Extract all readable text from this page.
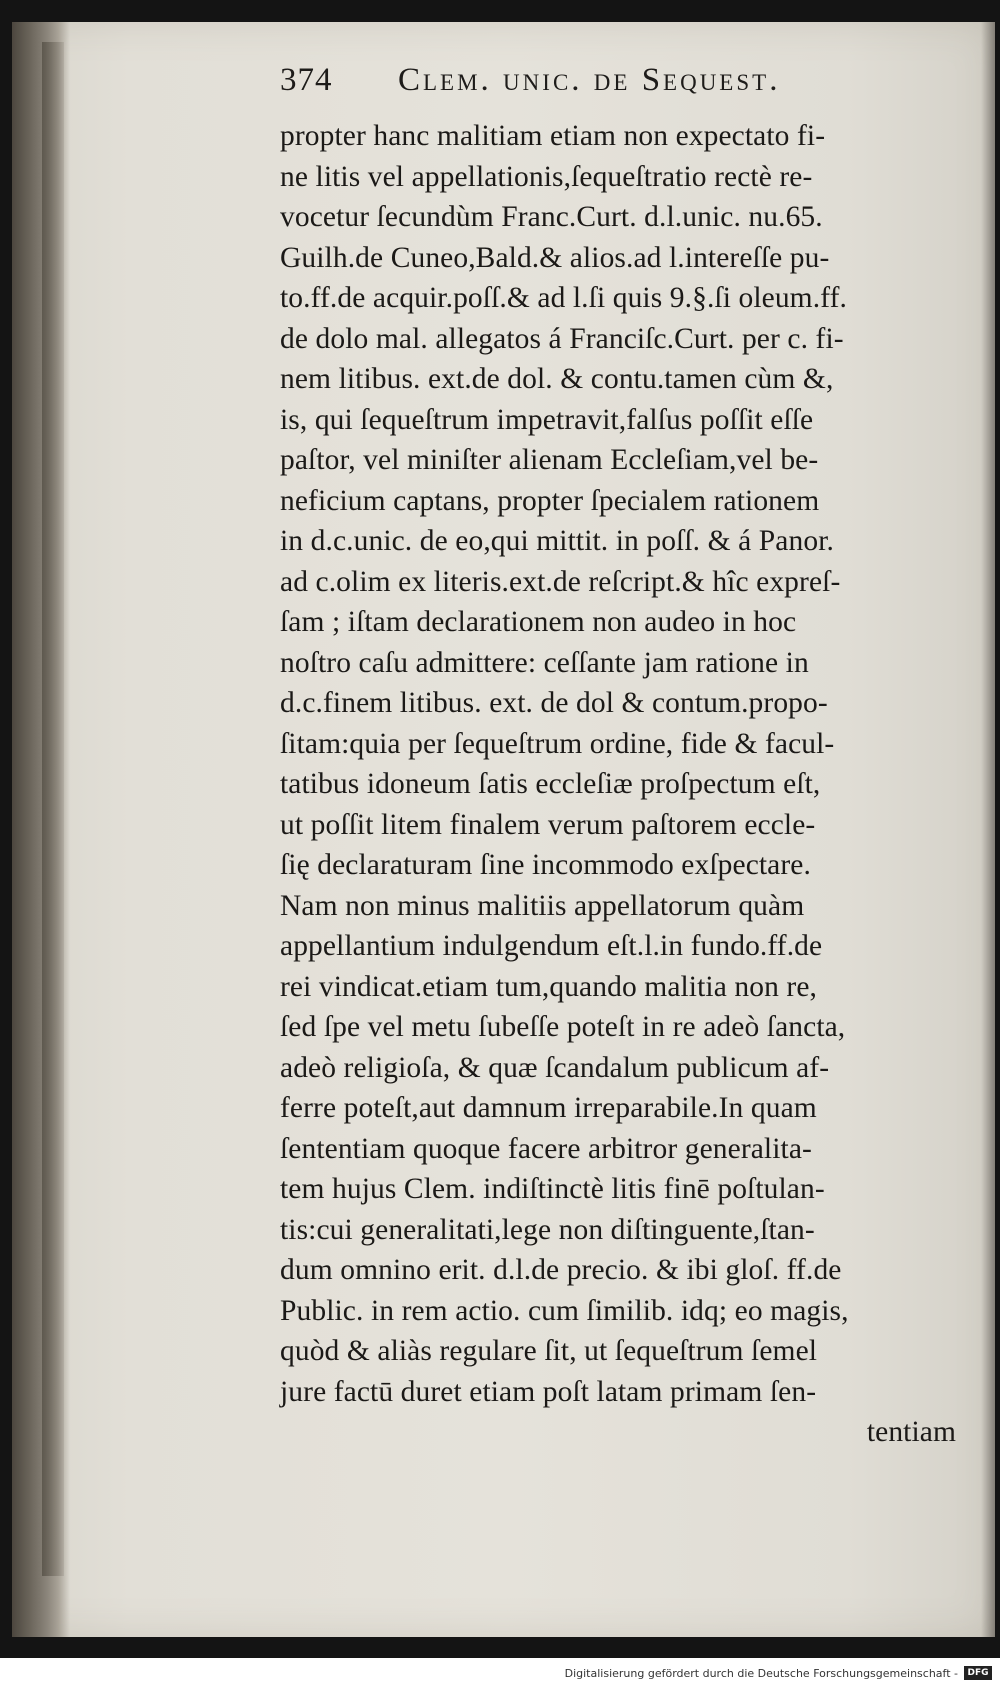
374 Clem. unic. de Sequest.
propter hanc malitiam etiam non expectato fi-
ne litis vel appellationis,ſequeſtratio rectè re-
vocetur ſecundùm Franc.Curt. d.l.unic. nu.65.
Guilh.de Cuneo,Bald.& alios.ad l.intereſſe pu-
to.ff.de acquir.poſſ.& ad l.ſi quis 9.§.ſi oleum.ff.
de dolo mal. allegatos á Franciſc.Curt. per c. fi-
nem litibus. ext.de dol. & contu.tamen cùm &,
is, qui ſequeſtrum impetravit,falſus poſſit eſſe
paſtor, vel miniſter alienam Eccleſiam,vel be-
neficium captans, propter ſpecialem rationem
in d.c.unic. de eo,qui mittit. in poſſ. & á Panor.
ad c.olim ex literis.ext.de reſcript.& hîc expreſ-
ſam ; iſtam declarationem non audeo in hoc
noſtro caſu admittere: ceſſante jam ratione in
d.c.finem litibus. ext. de dol & contum.propo-
ſitam:quia per ſequeſtrum ordine, fide & facul-
tatibus idoneum ſatis eccleſiæ proſpectum eſt,
ut poſſit litem finalem verum paſtorem eccle-
ſię declaraturam ſine incommodo exſpectare.
Nam non minus malitiis appellatorum quàm
appellantium indulgendum eſt.l.in fundo.ff.de
rei vindicat.etiam tum,quando malitia non re,
ſed ſpe vel metu ſubeſſe poteſt in re adeò ſancta,
adeò religioſa, & quæ ſcandalum publicum af-
ferre poteſt,aut damnum irreparabile.In quam
ſententiam quoque facere arbitror generalita-
tem hujus Clem. indiſtinctè litis finē poſtulan-
tis:cui generalitati,lege non diſtinguente,ſtan-
dum omnino erit. d.l.de precio. & ibi gloſ. ff.de
Public. in rem actio. cum ſimilib. idq; eo magis,
quòd & aliàs regulare ſit, ut ſequeſtrum ſemel
jure factū duret etiam poſt latam primam ſen-
tentiam
Digitalisierung gefördert durch die Deutsche Forschungsgemeinschaft -	DFG
